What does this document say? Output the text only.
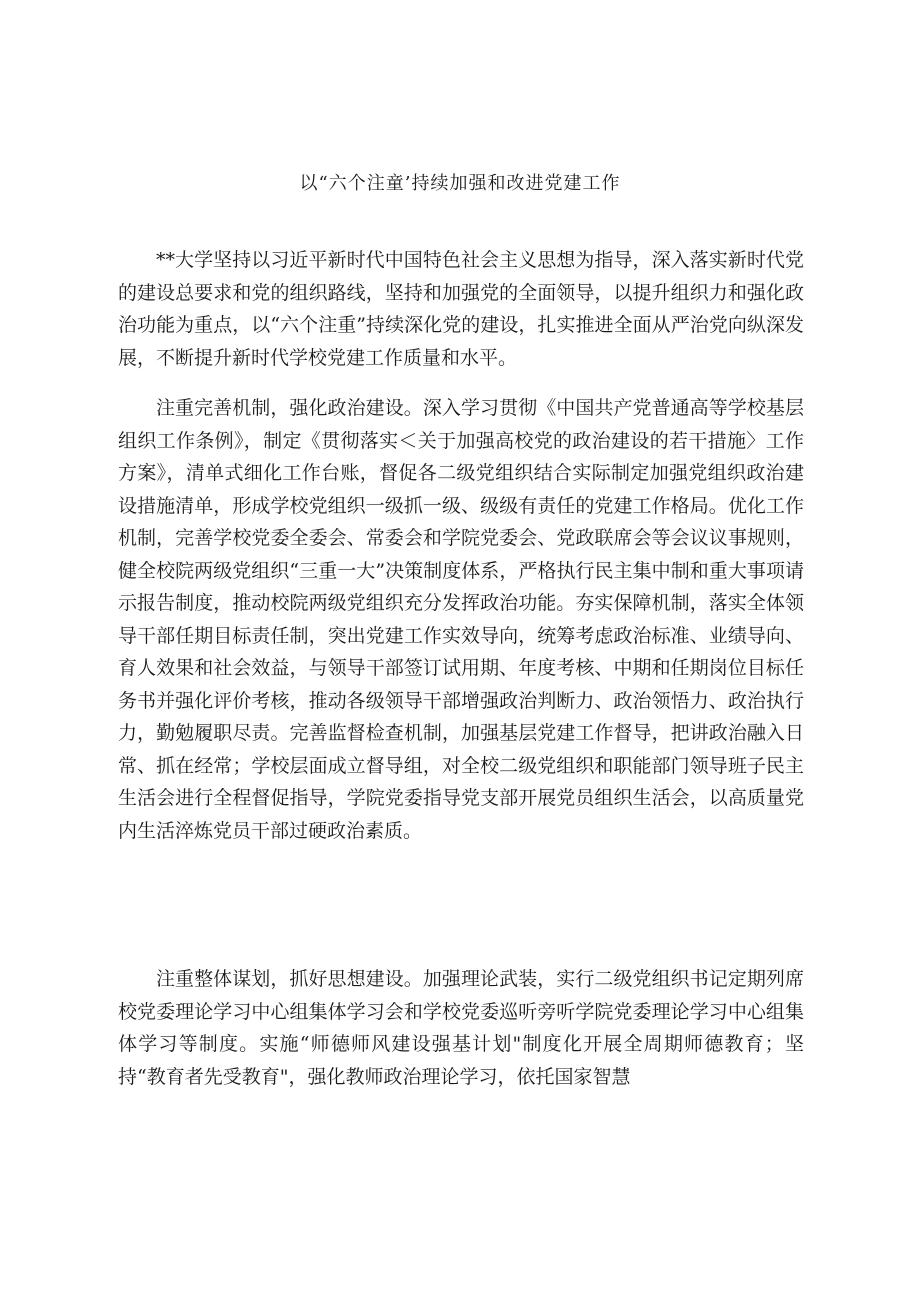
以“六个注童’持续加强和改进党建工作

**大学坚持以习近平新时代中国特色社会主义思想为指导，深入落实新时代党的建设总要求和党的组织路线，坚持和加强党的全面领导，以提升组织力和强化政治功能为重点，以“六个注重”持续深化党的建设，扎实推进全面从严治党向纵深发展，不断提升新时代学校党建工作质量和水平。

注重完善机制，强化政治建设。深入学习贯彻《中国共产党普通高等学校基层组织工作条例》，制定《贯彻落实＜关于加强高校党的政治建设的若干措施〉工作方案》，清单式细化工作台账，督促各二级党组织结合实际制定加强党组织政治建设措施清单，形成学校党组织一级抓一级、级级有责任的党建工作格局。优化工作机制，完善学校党委全委会、常委会和学院党委会、党政联席会等会议议事规则，健全校院两级党组织“三重一大”决策制度体系，严格执行民主集中制和重大事项请示报告制度，推动校院两级党组织充分发挥政治功能。夯实保障机制，落实全体领导干部任期目标责任制，突出党建工作实效导向，统筹考虑政治标准、业绩导向、育人效果和社会效益，与领导干部签订试用期、年度考核、中期和任期岗位目标任务书并强化评价考核，推动各级领导干部增强政治判断力、政治领悟力、政治执行力，勤勉履职尽责。完善监督检查机制，加强基层党建工作督导，把讲政治融入日常、抓在经常；学校层面成立督导组，对全校二级党组织和职能部门领导班子民主生活会进行全程督促指导，学院党委指导党支部开展党员组织生活会，以高质量党内生活淬炼党员干部过硬政治素质。

注重整体谋划，抓好思想建设。加强理论武装，实行二级党组织书记定期列席校党委理论学习中心组集体学习会和学校党委巡听旁听学院党委理论学习中心组集体学习等制度。实施“师德师风建设强基计划"制度化开展全周期师德教育；坚持“教育者先受教育"，强化教师政治理论学习，依托国家智慧
